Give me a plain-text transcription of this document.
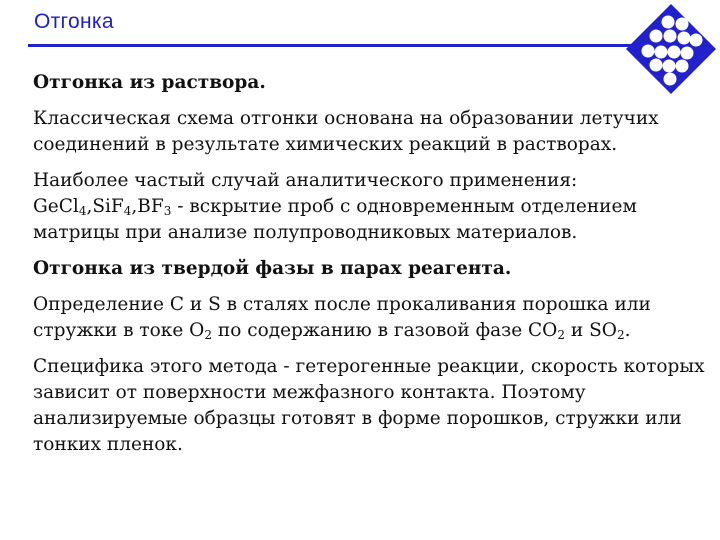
Отгонка

Отгонка из раствора.

Классическая схема отгонки основана на образовании летучих соединений в результате химических реакций в растворах.

Наиболее частый случай аналитического применения:
$GeCl_4,SiF_4,BF_3$ - вскрытие проб с одновременным отделением матрицы при анализе полупроводниковых материалов.

Отгонка из твердой фазы в парах реагента.

Определение C и S в сталях после прокаливания порошка или стружки в токе $O_2$ по содержанию в газовой фазе $CO_2$ и $SO_2$.

Специфика этого метода - гетерогенные реакции, скорость которых зависит от поверхности межфазного контакта. Поэтому анализируемые образцы готовят в форме порошков, стружки или тонких пленок.
